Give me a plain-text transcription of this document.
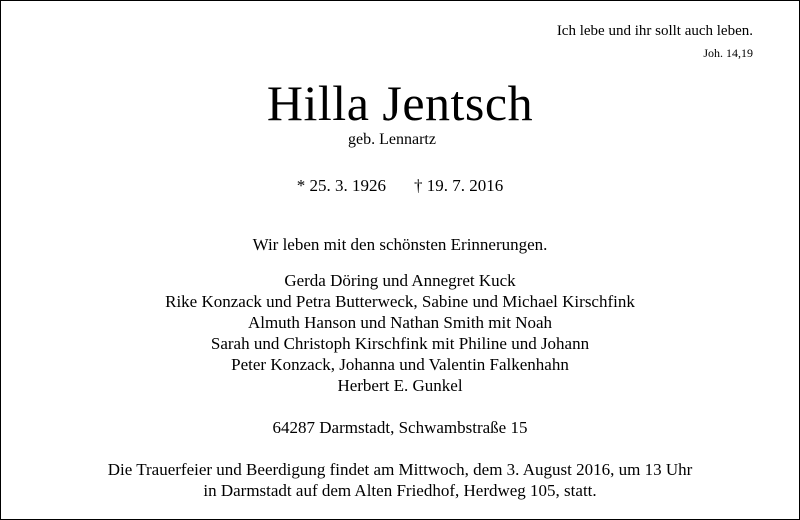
Ich lebe und ihr sollt auch leben.
Joh. 14,19
Hilla Jentsch
geb. Lennartz
* 25. 3. 1926 † 19. 7. 2016
Wir leben mit den schönsten Erinnerungen.
Gerda Döring und Annegret Kuck
Rike Konzack und Petra Butterweck, Sabine und Michael Kirschfink
Almuth Hanson und Nathan Smith mit Noah
Sarah und Christoph Kirschfink mit Philine und Johann
Peter Konzack, Johanna und Valentin Falkenhahn
Herbert E. Gunkel
64287 Darmstadt, Schwambstraße 15
Die Trauerfeier und Beerdigung findet am Mittwoch, dem 3. August 2016, um 13 Uhr
in Darmstadt auf dem Alten Friedhof, Herdweg 105, statt.
